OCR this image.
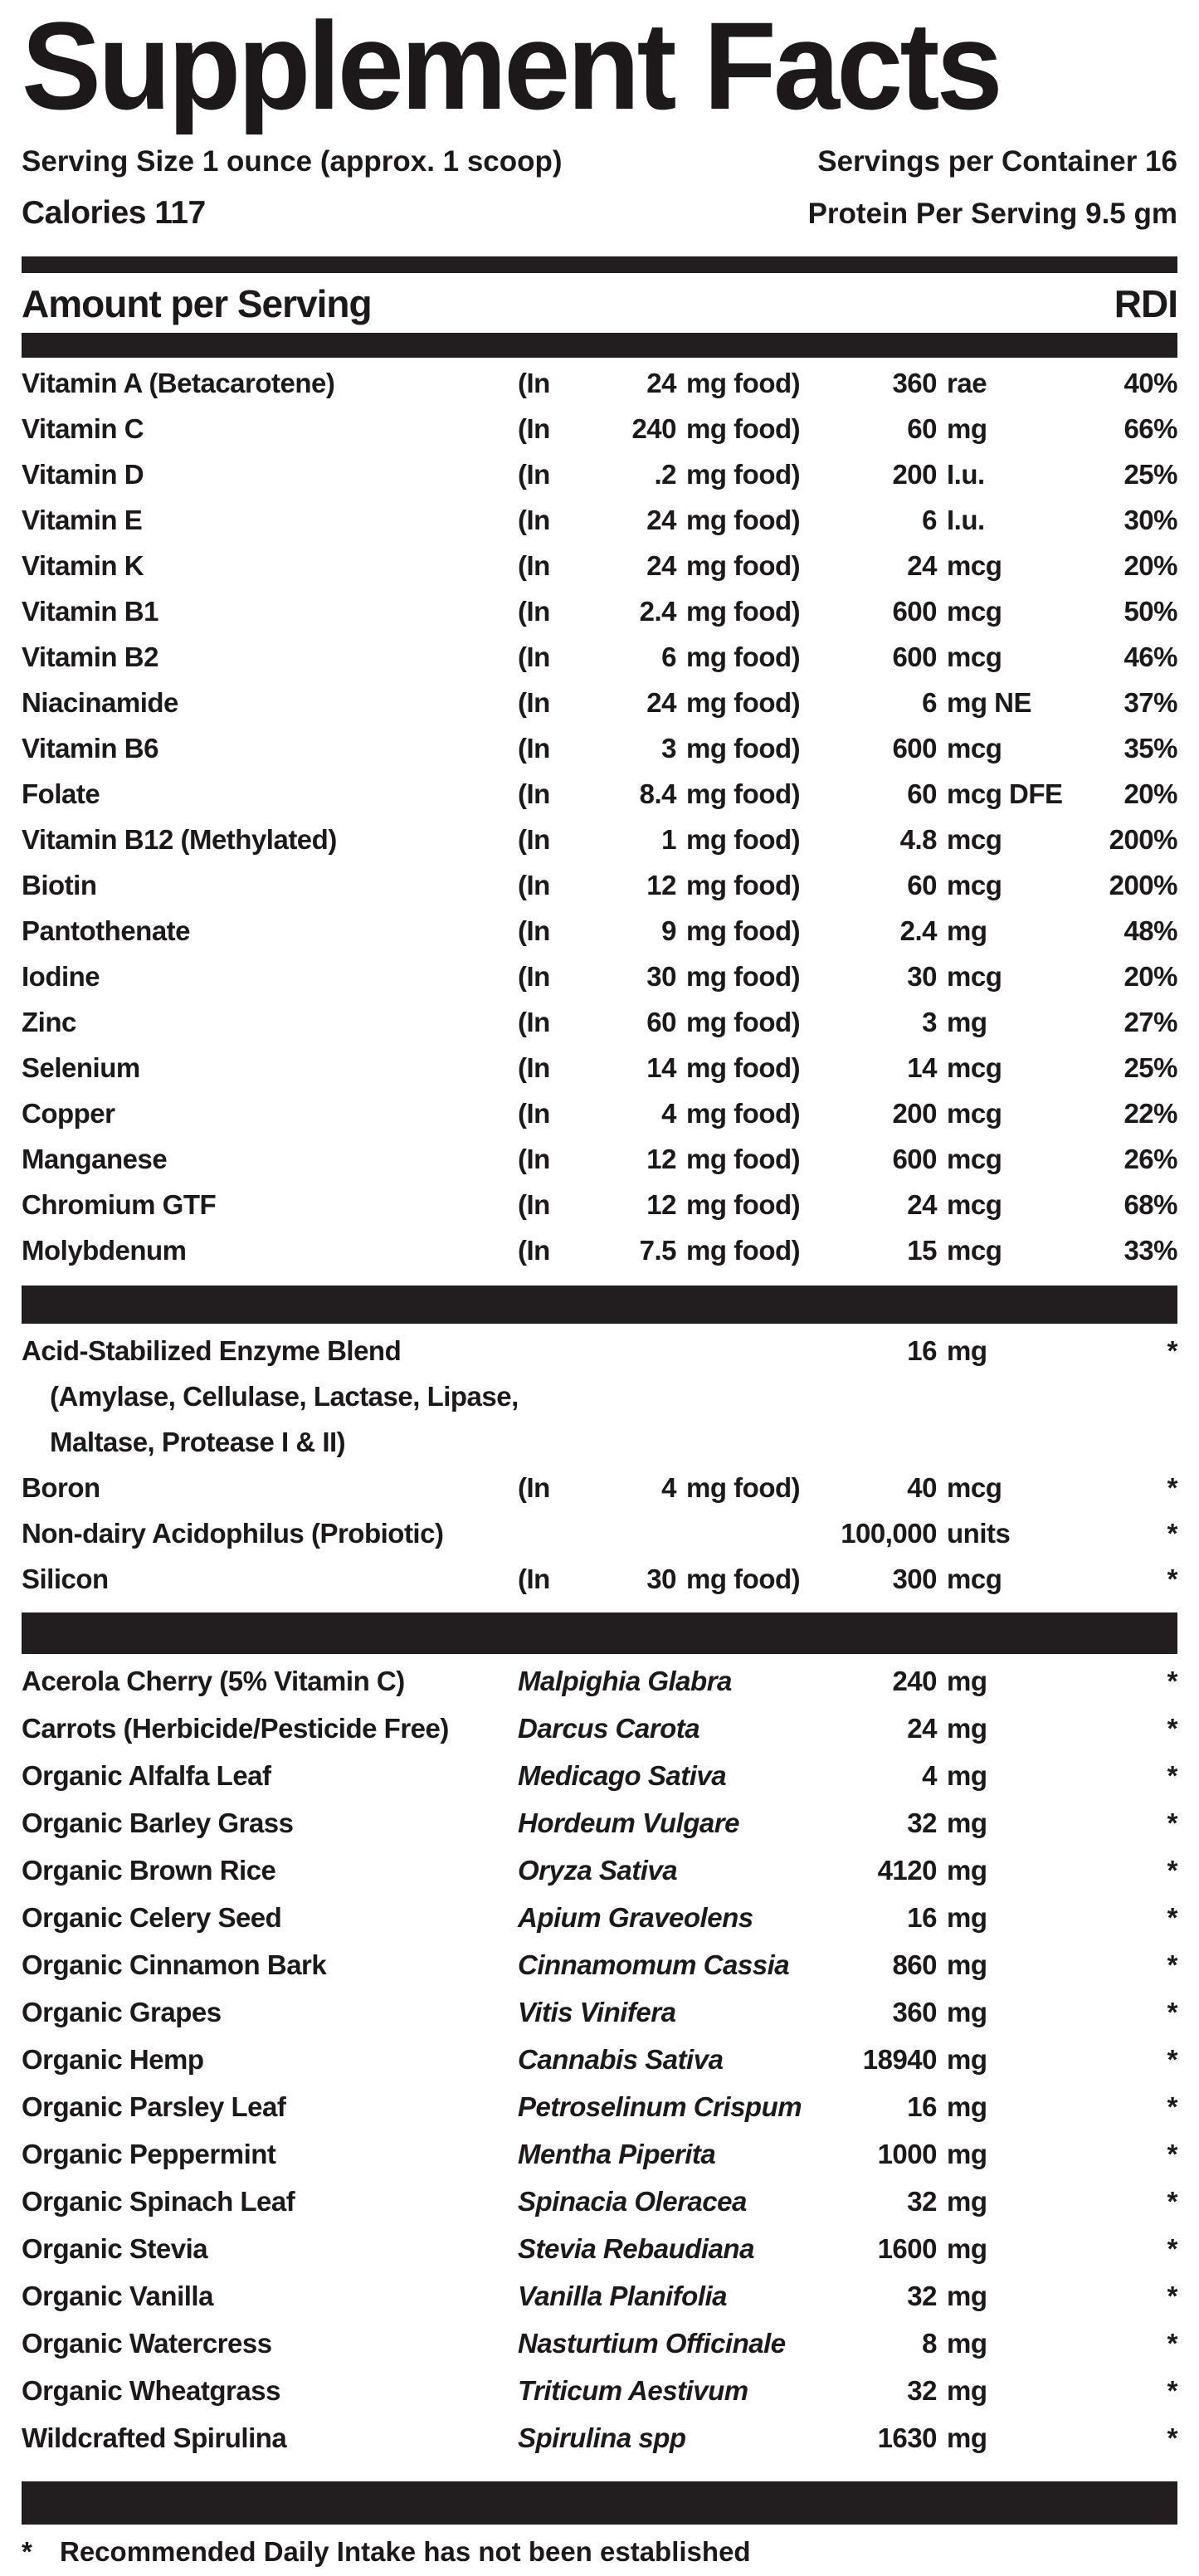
Supplement Facts
Serving Size 1 ounce (approx. 1 scoop)	Servings per Container 16
Calories 117	Protein Per Serving 9.5 gm
Amount per Serving	RDI
Vitamin A (Betacarotene)	(In	24 mg food)	360 rae	40%
Vitamin C	(In	240 mg food)	60 mg	66%
Vitamin D	(In	.2 mg food)	200 I.u.	25%
Vitamin E	(In	24 mg food)	6 I.u.	30%
Vitamin K	(In	24 mg food)	24 mcg	20%
Vitamin B1	(In	2.4 mg food)	600 mcg	50%
Vitamin B2	(In	6 mg food)	600 mcg	46%
Niacinamide	(In	24 mg food)	6 mg NE	37%
Vitamin B6	(In	3 mg food)	600 mcg	35%
Folate	(In	8.4 mg food)	60 mcg DFE	20%
Vitamin B12 (Methylated)	(In	1 mg food)	4.8 mcg	200%
Biotin	(In	12 mg food)	60 mcg	200%
Pantothenate	(In	9 mg food)	2.4 mg	48%
Iodine	(In	30 mg food)	30 mcg	20%
Zinc	(In	60 mg food)	3 mg	27%
Selenium	(In	14 mg food)	14 mcg	25%
Copper	(In	4 mg food)	200 mcg	22%
Manganese	(In	12 mg food)	600 mcg	26%
Chromium GTF	(In	12 mg food)	24 mcg	68%
Molybdenum	(In	7.5 mg food)	15 mcg	33%
Acid-Stabilized Enzyme Blend	16 mg	*
(Amylase, Cellulase, Lactase, Lipase,
Maltase, Protease I & II)
Boron	(In	4 mg food)	40 mcg	*
Non-dairy Acidophilus (Probiotic)	100,000 units	*
Silicon	(In	30 mg food)	300 mcg	*
Acerola Cherry (5% Vitamin C)	Malpighia Glabra	240 mg	*
Carrots (Herbicide/Pesticide Free)	Darcus Carota	24 mg	*
Organic Alfalfa Leaf	Medicago Sativa	4 mg	*
Organic Barley Grass	Hordeum Vulgare	32 mg	*
Organic Brown Rice	Oryza Sativa	4120 mg	*
Organic Celery Seed	Apium Graveolens	16 mg	*
Organic Cinnamon Bark	Cinnamomum Cassia	860 mg	*
Organic Grapes	Vitis Vinifera	360 mg	*
Organic Hemp	Cannabis Sativa	18940 mg	*
Organic Parsley Leaf	Petroselinum Crispum	16 mg	*
Organic Peppermint	Mentha Piperita	1000 mg	*
Organic Spinach Leaf	Spinacia Oleracea	32 mg	*
Organic Stevia	Stevia Rebaudiana	1600 mg	*
Organic Vanilla	Vanilla Planifolia	32 mg	*
Organic Watercress	Nasturtium Officinale	8 mg	*
Organic Wheatgrass	Triticum Aestivum	32 mg	*
Wildcrafted Spirulina	Spirulina spp	1630 mg	*
*	Recommended Daily Intake has not been established
